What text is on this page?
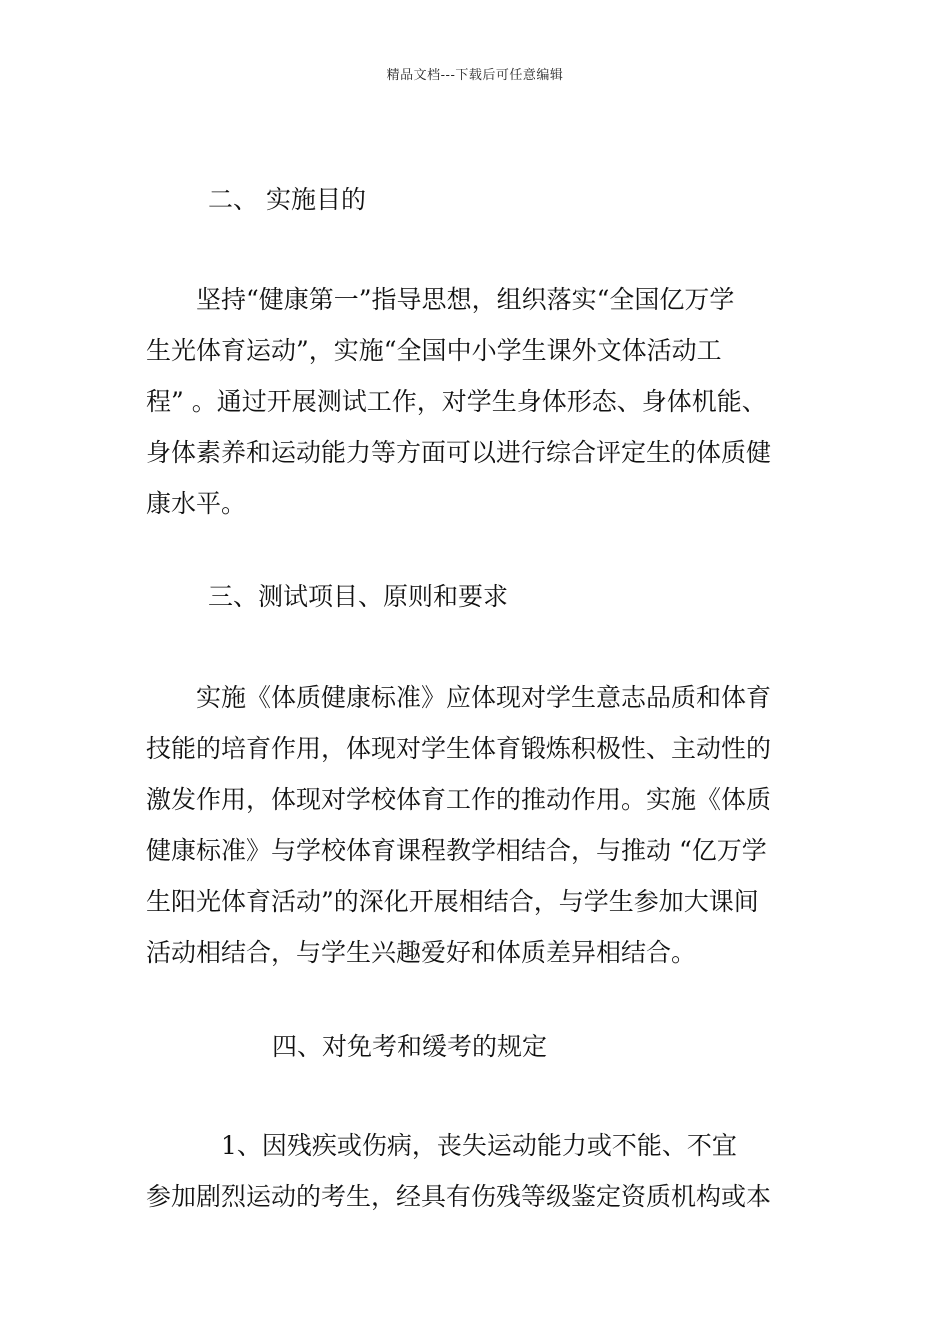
精品文档---下载后可任意编辑
二、 实施目的
　　坚持“健康第一”指导思想，组织落实“全国亿万学
生光体育运动”，实施“全国中小学生课外文体活动工
程” 。通过开展测试工作，对学生身体形态、身体机能、
身体素养和运动能力等方面可以进行综合评定生的体质健
康水平。
三、测试项目、原则和要求
　　实施《体质健康标准》应体现对学生意志品质和体育
技能的培育作用，体现对学生体育锻炼积极性、主动性的
激发作用，体现对学校体育工作的推动作用。实施《体质
健康标准》与学校体育课程教学相结合，与推动 “亿万学
生阳光体育活动”的深化开展相结合，与学生参加大课间
活动相结合，与学生兴趣爱好和体质差异相结合。
四、对免考和缓考的规定
　　　1、因残疾或伤病，丧失运动能力或不能、不宜
参加剧烈运动的考生，经具有伤残等级鉴定资质机构或本
